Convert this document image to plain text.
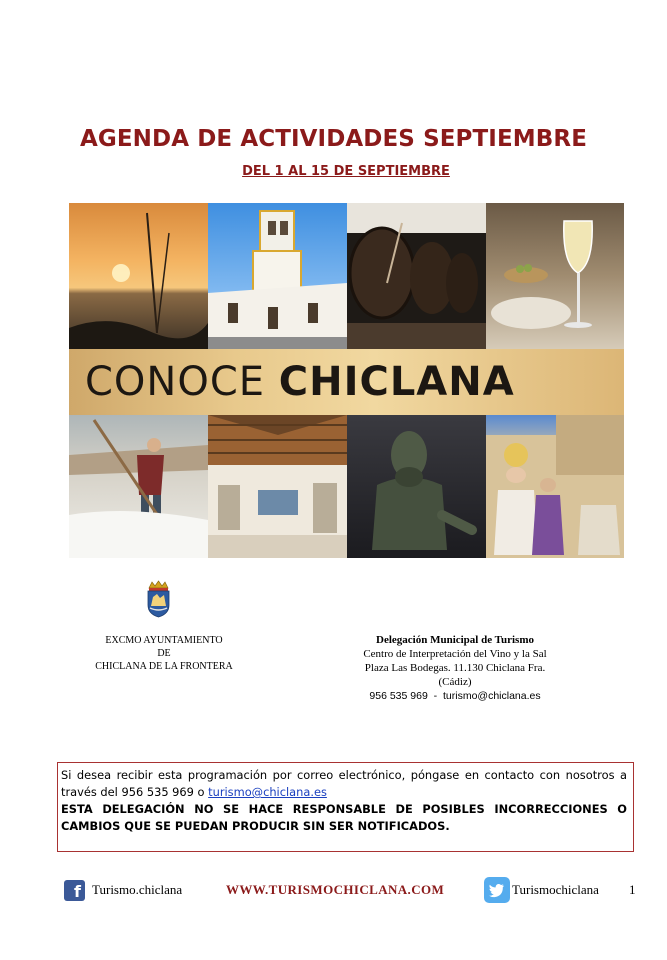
AGENDA DE ACTIVIDADES SEPTIEMBRE
DEL 1 AL 15 DE SEPTIEMBRE
CONOCE CHICLANA
EXCMO AYUNTAMIENTO
DE
CHICLANA DE LA FRONTERA
Delegación Municipal de Turismo
Centro de Interpretación del Vino y la Sal
Plaza Las Bodegas. 11.130 Chiclana Fra.
(Cádiz)
956 535 969 - turismo@chiclana.es

Si desea recibir esta programación por correo electrónico, póngase en contacto con nosotros a través del 956 535 969 o turismo@chiclana.es

ESTA DELEGACIÓN NO SE HACE RESPONSABLE DE POSIBLES INCORRECCIONES O CAMBIOS QUE SE PUEDAN PRODUCIR SIN SER NOTIFICADOS.

f Turismo.chiclana	WWW.TURISMOCHICLANA.COM	Turismochiclana 1
